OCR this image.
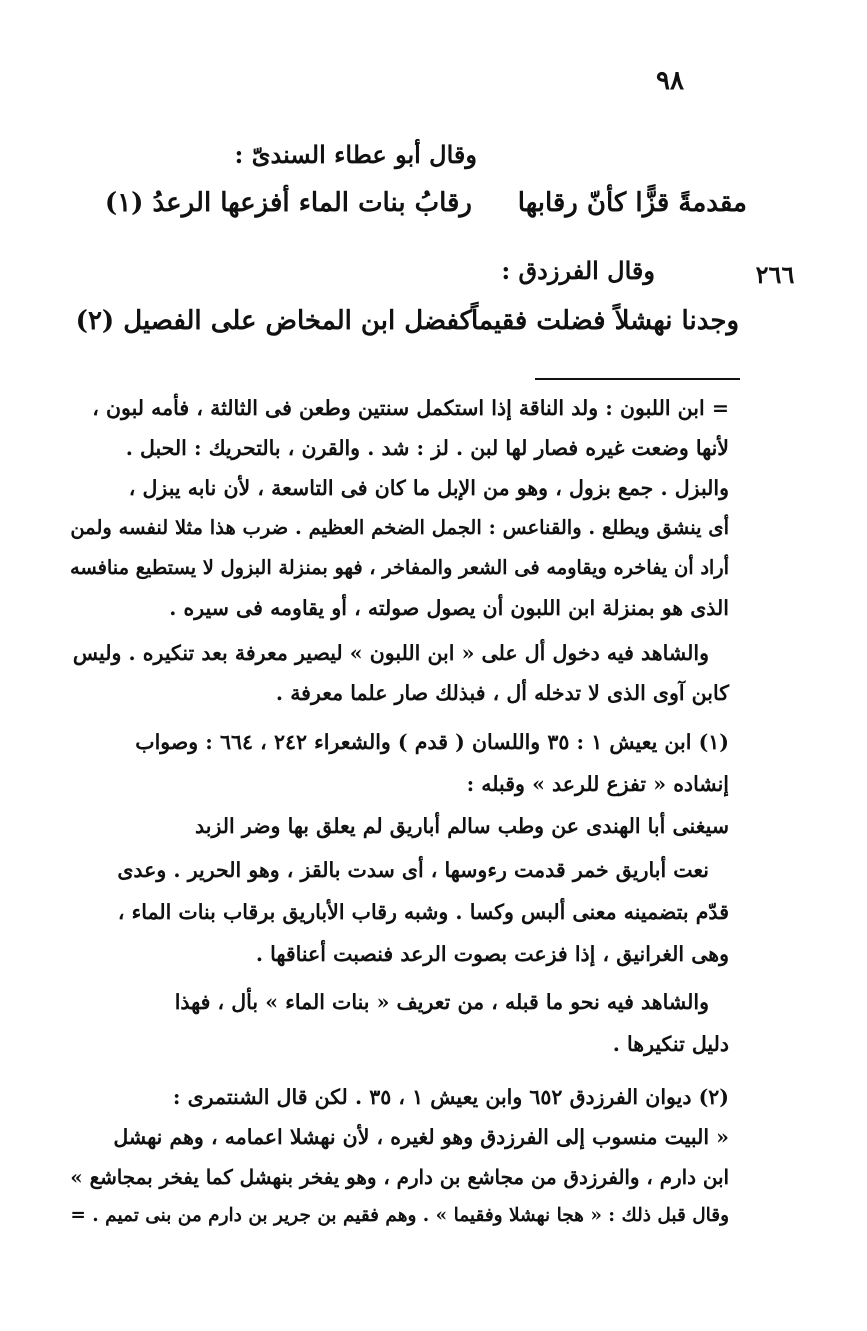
٩٨
٢٦٦
وقال أبو عطاء السندىّ :
مقدمةً قزًّا كأنّ رقابها
رقابُ بنات الماء أفزعها الرعدُ (١)
وقال الفرزدق :
وجدنا نهشلاً فضلت فقيماً
كفضل ابن المخاض على الفصيل (٢)
= ابن اللبون : ولد الناقة إذا استكمل سنتين وطعن فى الثالثة ، فأمه لبون ،
لأنها وضعت غيره فصار لها لبن . لز : شد . والقرن ، بالتحريك : الحبل .
والبزل . جمع بزول ، وهو من الإبل ما كان فى التاسعة ، لأن نابه يبزل ،
أى ينشق ويطلع . والقناعس : الجمل الضخم العظيم . ضرب هذا مثلا لنفسه ولمن
أراد أن يفاخره ويقاومه فى الشعر والمفاخر ، فهو بمنزلة البزول لا يستطيع منافسه
الذى هو بمنزلة ابن اللبون أن يصول صولته ، أو يقاومه فى سيره .
والشاهد فيه دخول أل على « ابن اللبون » ليصير معرفة بعد تنكيره . وليس
كابن آوى الذى لا تدخله أل ، فبذلك صار علما معرفة .
(١) ابن يعيش ١ : ٣٥ واللسان ( قدم ) والشعراء ٢٤٢ ، ٦٦٤ : وصواب
إنشاده « تفزع للرعد » وقبله :
سيغنى أبا الهندى عن وطب سالم أباريق لم يعلق بها وضر الزبد
نعت أباريق خمر قدمت رءوسها ، أى سدت بالقز ، وهو الحرير . وعدى
قدّم بتضمينه معنى ألبس وكسا . وشبه رقاب الأباريق برقاب بنات الماء ،
وهى الغرانيق ، إذا فزعت بصوت الرعد فنصبت أعناقها .
والشاهد فيه نحو ما قبله ، من تعريف « بنات الماء » بأل ، فهذا
دليل تنكيرها .
(٢) ديوان الفرزدق ٦٥٢ وابن يعيش ١ ، ٣٥ . لكن قال الشنتمرى :
« البيت منسوب إلى الفرزدق وهو لغيره ، لأن نهشلا اعمامه ، وهم نهشل
ابن دارم ، والفرزدق من مجاشع بن دارم ، وهو يفخر بنهشل كما يفخر بمجاشع »
وقال قبل ذلك : « هجا نهشلا وفقيما » . وهم فقيم بن جرير بن دارم من بنى تميم . =
